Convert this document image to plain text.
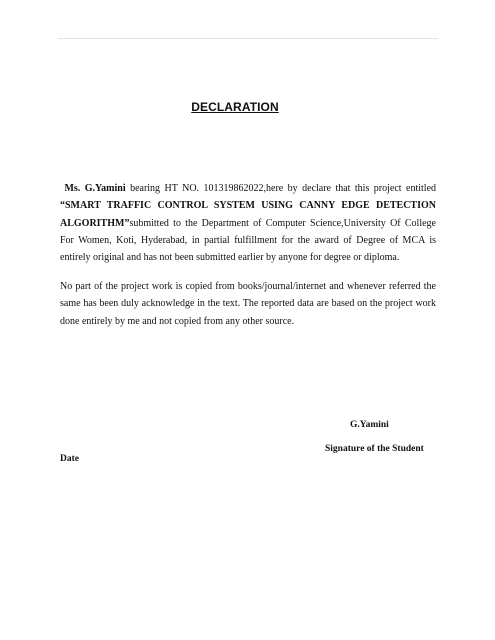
DECLARATION

Ms. G.Yamini bearing HT NO. 101319862022,here by declare that this project entitled “SMART TRAFFIC CONTROL SYSTEM USING CANNY EDGE DETECTION ALGORITHM”submitted to the Department of Computer Science,University Of College For Women, Koti, Hyderabad, in partial fulfillment for the award of Degree of MCA is entirely original and has not been submitted earlier by anyone for degree or diploma.

No part of the project work is copied from books/journal/internet and whenever referred the same has been duly acknowledge in the text. The reported data are based on the project work done entirely by me and not copied from any other source.

G.Yamini
Signature of the Student
Date
